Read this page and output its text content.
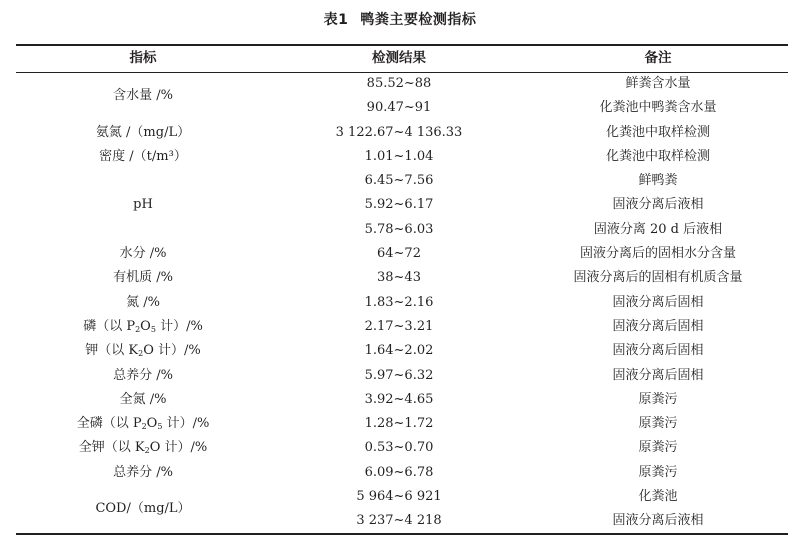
表1 鸭粪主要检测指标
指标	检测结果	备注
含水量 /%	85.52~88	鲜粪含水量
	90.47~91	化粪池中鸭粪含水量
氨氮 /（mg/L）	3 122.67~4 136.33	化粪池中取样检测
密度 /（t/m³）	1.01~1.04	化粪池中取样检测
pH	6.45~7.56	鲜鸭粪
	5.92~6.17	固液分离后液相
	5.78~6.03	固液分离 20 d 后液相
水分 /%	64~72	固液分离后的固相水分含量
有机质 /%	38~43	固液分离后的固相有机质含量
氮 /%	1.83~2.16	固液分离后固相
磷（以 $P_2O_5$ 计）/%	2.17~3.21	固液分离后固相
钾（以 $K_2O$ 计）/%	1.64~2.02	固液分离后固相
总养分 /%	5.97~6.32	固液分离后固相
全氮 /%	3.92~4.65	原粪污
全磷（以 $P_2O_5$ 计）/%	1.28~1.72	原粪污
全钾（以 $K_2O$ 计）/%	0.53~0.70	原粪污
总养分 /%	6.09~6.78	原粪污
COD/（mg/L）	5 964~6 921	化粪池
	3 237~4 218	固液分离后液相
